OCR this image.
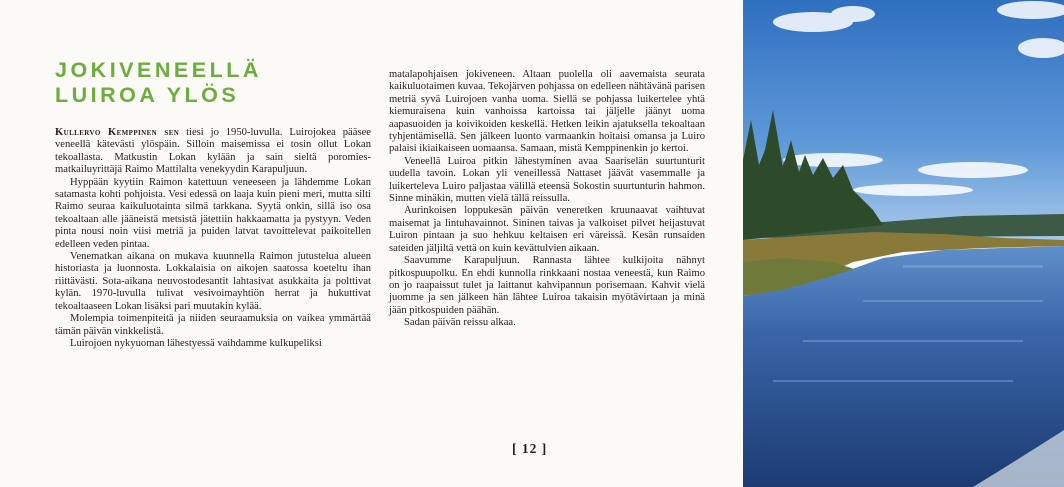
JOKIVENEELLÄ
LUIROA YLÖS

Kullervo Kemppinen sen tiesi jo 1950-luvulla. Luirojokea pääsee veneellä kätevästi ylöspäin. Silloin maisemissa ei tosin ollut Lokan tekoallasta. Matkustin Lokan kylään ja sain sieltä poromies-matkailuyrittäjä Raimo Mattilalta venekyydin Karapuljuun.

Hyppään kyytiin Raimon katettuun veneeseen ja lähdemme Lokan satamasta kohti pohjoista. Vesi edessä on laaja kuin pieni meri, mutta silti Raimo seuraa kaikuluotainta silmä tarkkana. Syytä onkin, sillä iso osa tekoaltaan alle jääneistä metsistä jätettiin hakkaamatta ja pystyyn. Veden pinta nousi noin viisi metriä ja puiden latvat tavoittelevat paikoitellen edelleen veden pintaa.

Venematkan aikana on mukava kuunnella Raimon jutustelua alueen historiasta ja luonnosta. Lokkalaisia on aikojen saatossa koeteltu ihan riittävästi. Sota-aikana neuvostodesantit lahtasivat asukkaita ja polttivat kylän. 1970-luvulla tulivat vesivoimayhtiön herrat ja hukuttivat tekoaltaaseen Lokan lisäksi pari muutakin kylää.

Molempia toimenpiteitä ja niiden seuraamuksia on vaikea ymmärtää tämän päivän vinkkelistä.

Luirojoen nykyuoman lähestyessä vaihdamme kulkupeliksi

matalapohjaisen jokiveneen. Altaan puolella oli aavemaista seurata kaikuluotaimen kuvaa. Tekojärven pohjassa on edelleen nähtävänä parisen metriä syvä Luirojoen vanha uoma. Siellä se pohjassa luikertelee yhtä kiemuraisena kuin vanhoissa kartoissa tai jäljelle jäänyt uoma aapasuoiden ja koivikoiden keskellä. Hetken leikin ajatuksella tekoaltaan tyhjentämisellä. Sen jälkeen luonto varmaankin hoitaisi omansa ja Luiro palaisi ikiaikaiseen uomaansa. Samaan, mistä Kemppinenkin jo kertoi.

Veneellä Luiroa pitkin lähestyminen avaa Saariselän suurtunturit uudella tavoin. Lokan yli veneillessä Nattaset jäävät vasemmalle ja luikerteleva Luiro paljastaa välillä eteensä Sokostin suurtunturin hahmon. Sinne minäkin, mutten vielä tällä reissulla.

Aurinkoisen loppukesän päivän veneretken kruunaavat vaihtuvat maisemat ja lintuhavainnot. Sininen taivas ja valkoiset pilvet heijastuvat Luiron pintaan ja suo hehkuu keltaisen eri väreissä. Kesän runsaiden sateiden jäljiltä vettä on kuin kevättulvien aikaan.

Saavumme Karapuljuun. Rannasta lähtee kulkijoita nähnyt pitkospuupolku. En ehdi kunnolla rinkkaani nostaa veneestä, kun Raimo on jo raapaissut tulet ja laittanut kahvipannun porisemaan. Kahvit vielä juomme ja sen jälkeen hän lähtee Luiroa takaisin myötävirtaan ja minä jään pitkospuiden päähän.

Sadan päivän reissu alkaa.

[ 12 ]
